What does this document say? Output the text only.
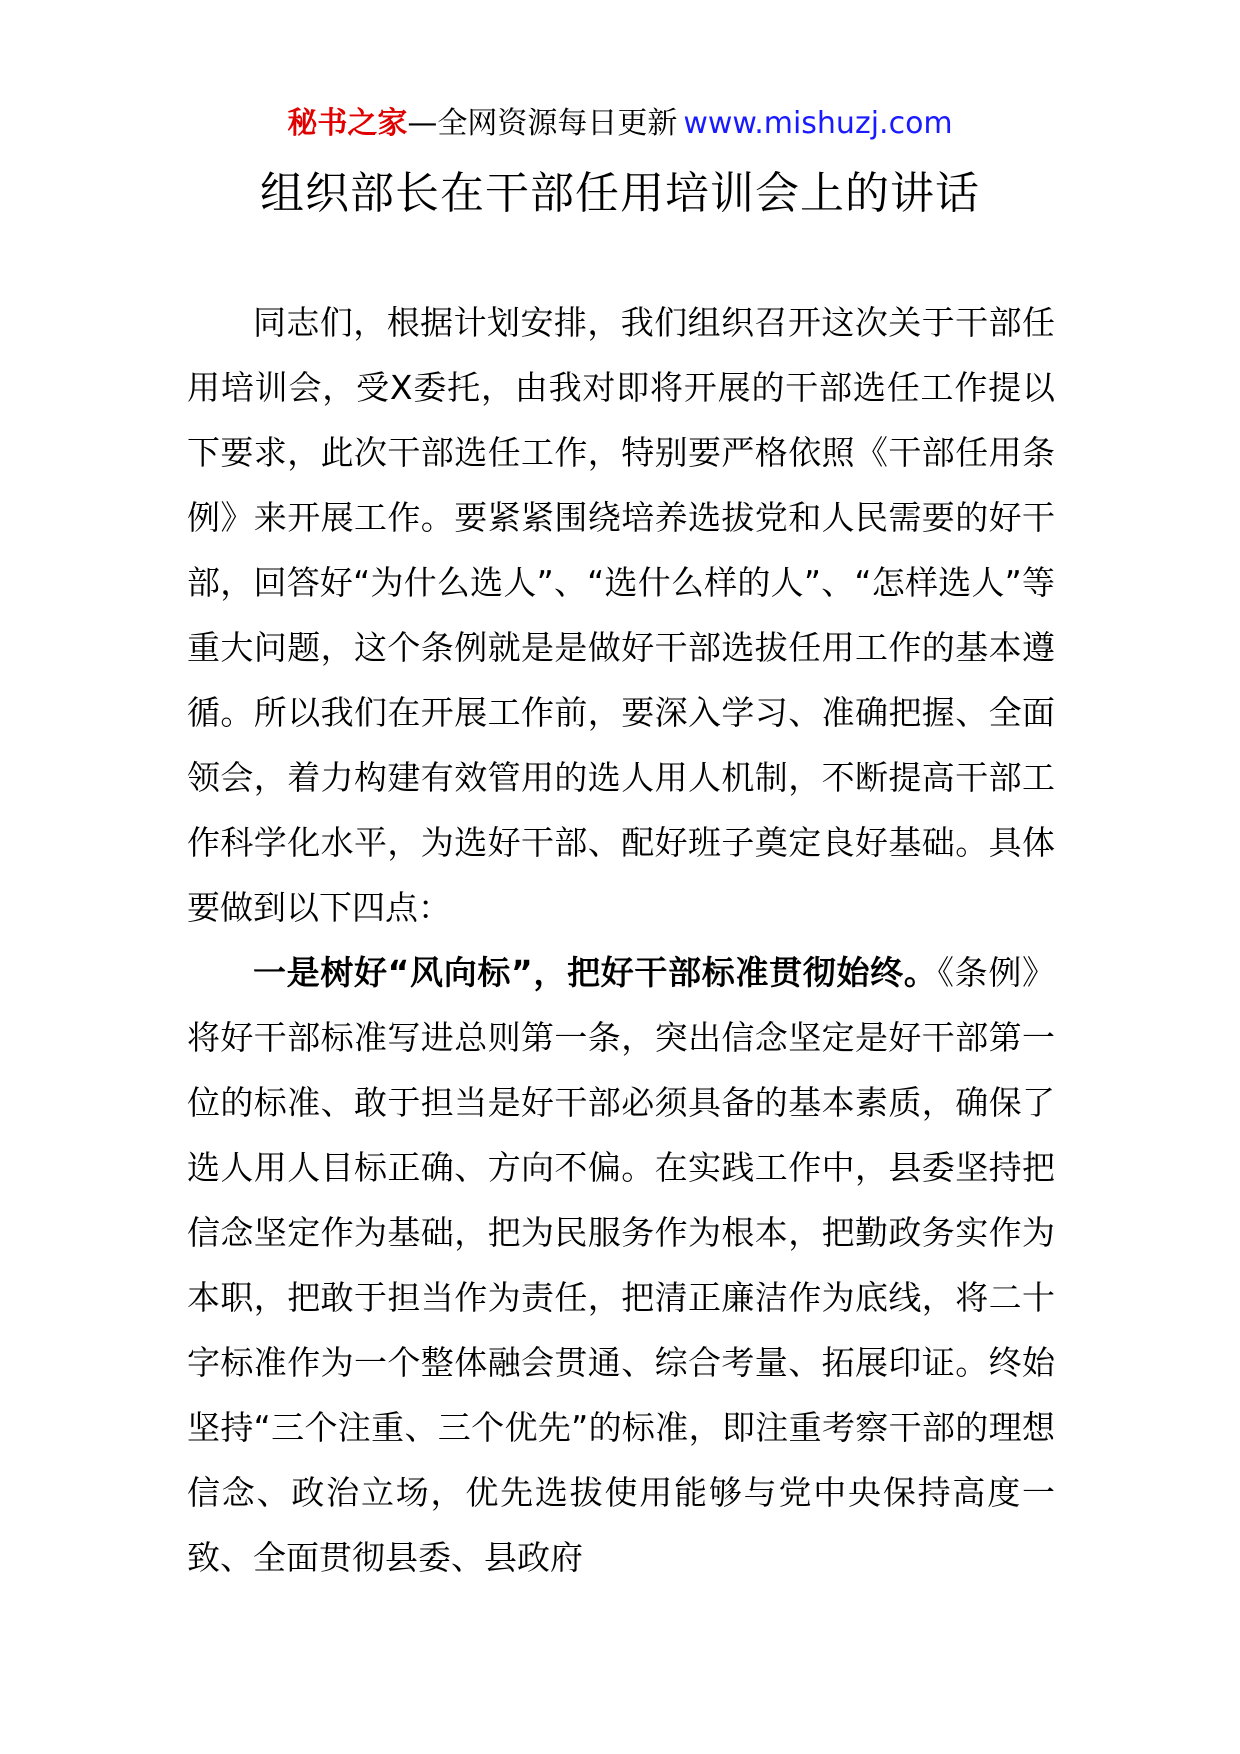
秘书之家—全网资源每日更新 www.mishuzj.com
组织部长在干部任用培训会上的讲话

同志们，根据计划安排，我们组织召开这次关于干部任用培训会，受X委托，由我对即将开展的干部选任工作提以下要求，此次干部选任工作，特别要严格依照《干部任用条例》来开展工作。要紧紧围绕培养选拔党和人民需要的好干部，回答好“为什么选人”、“选什么样的人”、“怎样选人”等重大问题，这个条例就是是做好干部选拔任用工作的基本遵循。所以我们在开展工作前，要深入学习、准确把握、全面领会，着力构建有效管用的选人用人机制，不断提高干部工作科学化水平，为选好干部、配好班子奠定良好基础。具体要做到以下四点：

一是树好“风向标”，把好干部标准贯彻始终。《条例》将好干部标准写进总则第一条，突出信念坚定是好干部第一位的标准、敢于担当是好干部必须具备的基本素质，确保了选人用人目标正确、方向不偏。在实践工作中，县委坚持把信念坚定作为基础，把为民服务作为根本，把勤政务实作为本职，把敢于担当作为责任，把清正廉洁作为底线，将二十字标准作为一个整体融会贯通、综合考量、拓展印证。终始坚持“三个注重、三个优先”的标准，即注重考察干部的理想信念、政治立场，优先选拔使用能够与党中央保持高度一致、全面贯彻县委、县政府
